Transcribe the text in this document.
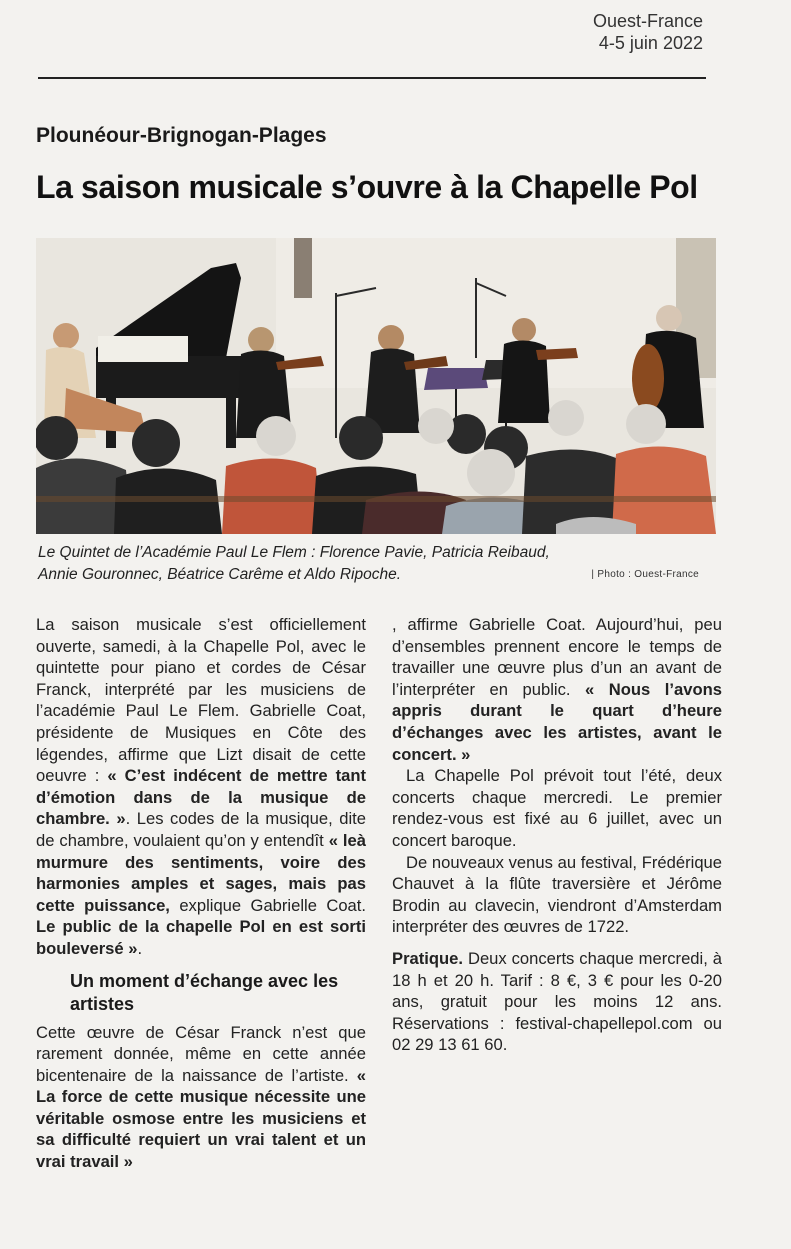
Ouest-France
4-5 juin 2022
Plounéour-Brignogan-Plages
La saison musicale s’ouvre à la Chapelle Pol
Le Quintet de l’Académie Paul Le Flem : Florence Pavie, Patricia Reibaud,
Annie Gouronnec, Béatrice Carême et Aldo Ripoche.	| Photo : Ouest-France

La saison musicale s’est officiellement ouverte, samedi, à la Chapelle Pol, avec le quintette pour piano et cordes de César Franck, interprété par les musiciens de l’académie Paul Le Flem. Gabrielle Coat, présidente de Musiques en Côte des légendes, affirme que Lizt disait de cette oeuvre : « C’est indécent de mettre tant d’émotion dans de la musique de chambre. ». Les codes de la musique, dite de chambre, voulaient qu’on y entendît « leà murmure des sentiments, voire des harmonies amples et sages, mais pas cette puissance, explique Gabrielle Coat. Le public de la chapelle Pol en est sorti bouleversé ».

Un moment d’échange avec les artistes

Cette œuvre de César Franck n’est que rarement donnée, même en cette année bicentenaire de la naissance de l’artiste. « La force de cette musique nécessite une véritable osmose entre les musiciens et sa difficulté requiert un vrai talent et un vrai travail »

, affirme Gabrielle Coat. Aujourd’hui, peu d’ensembles prennent encore le temps de travailler une œuvre plus d’un an avant de l’interpréter en public. « Nous l’avons appris durant le quart d’heure d’échanges avec les artistes, avant le concert. »

La Chapelle Pol prévoit tout l’été, deux concerts chaque mercredi. Le premier rendez-vous est fixé au 6 juillet, avec un concert baroque.

De nouveaux venus au festival, Frédérique Chauvet à la flûte traversière et Jérôme Brodin au clavecin, viendront d’Amsterdam interpréter des œuvres de 1722.

Pratique. Deux concerts chaque mercredi, à 18 h et 20 h. Tarif : 8 €, 3 € pour les 0-20 ans, gratuit pour les moins 12 ans. Réservations : festival-chapellepol.com ou 02 29 13 61 60.
